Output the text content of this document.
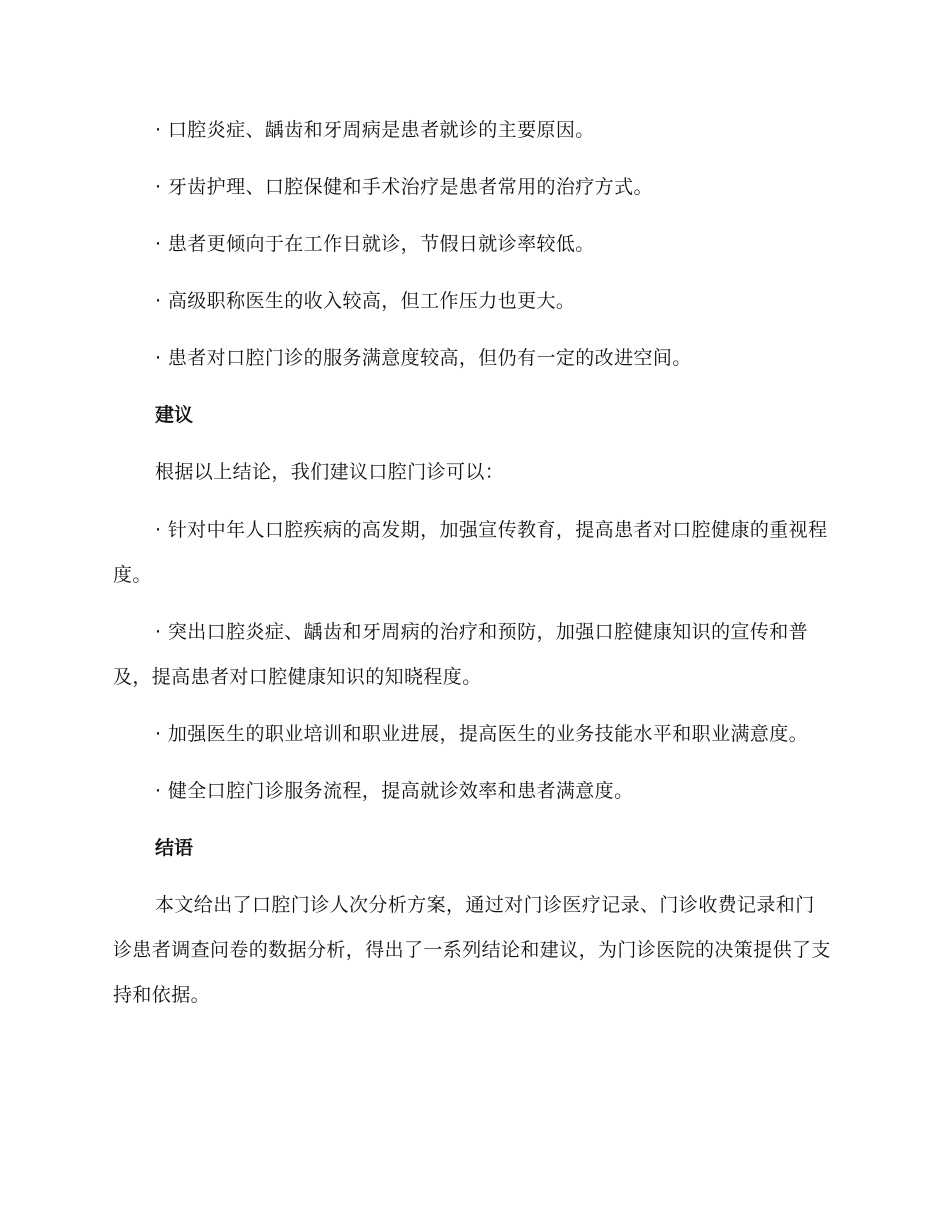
· 口腔炎症、龋齿和牙周病是患者就诊的主要原因。

· 牙齿护理、口腔保健和手术治疗是患者常用的治疗方式。

· 患者更倾向于在工作日就诊，节假日就诊率较低。

· 高级职称医生的收入较高，但工作压力也更大。

· 患者对口腔门诊的服务满意度较高，但仍有一定的改进空间。

建议

根据以上结论，我们建议口腔门诊可以：

· 针对中年人口腔疾病的高发期，加强宣传教育，提高患者对口腔健康的重视程度。

· 突出口腔炎症、龋齿和牙周病的治疗和预防，加强口腔健康知识的宣传和普及，提高患者对口腔健康知识的知晓程度。

· 加强医生的职业培训和职业进展，提高医生的业务技能水平和职业满意度。

· 健全口腔门诊服务流程，提高就诊效率和患者满意度。

结语

本文给出了口腔门诊人次分析方案，通过对门诊医疗记录、门诊收费记录和门诊患者调查问卷的数据分析，得出了一系列结论和建议，为门诊医院的决策提供了支持和依据。
